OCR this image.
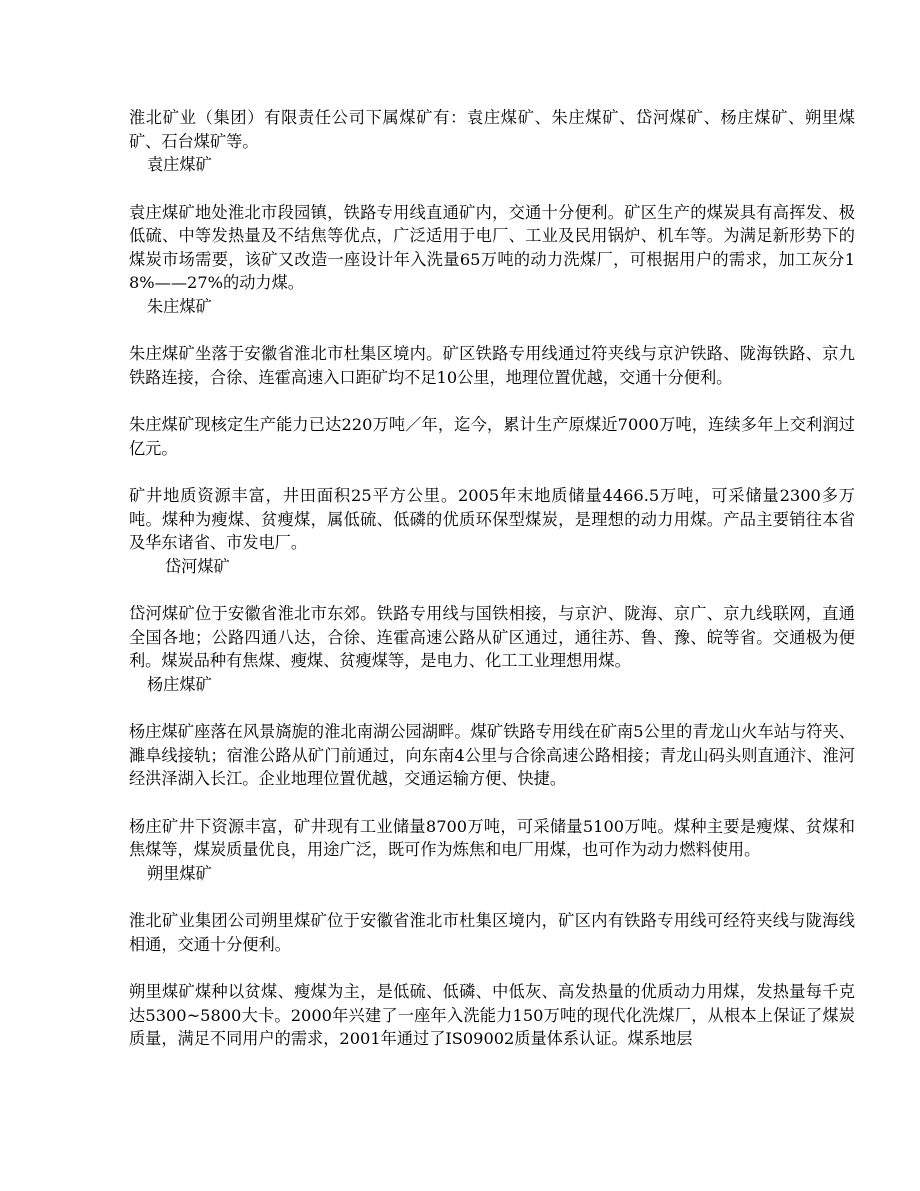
淮北矿业（集团）有限责任公司下属煤矿有：袁庄煤矿、朱庄煤矿、岱河煤矿、杨庄煤矿、朔里煤矿、石台煤矿等。

袁庄煤矿

袁庄煤矿地处淮北市段园镇，铁路专用线直通矿内，交通十分便利。矿区生产的煤炭具有高挥发、极低硫、中等发热量及不结焦等优点，广泛适用于电厂、工业及民用锅炉、机车等。为满足新形势下的煤炭市场需要，该矿又改造一座设计年入洗量65万吨的动力洗煤厂，可根据用户的需求，加工灰分18%——27%的动力煤。

朱庄煤矿

朱庄煤矿坐落于安徽省淮北市杜集区境内。矿区铁路专用线通过符夹线与京沪铁路、陇海铁路、京九铁路连接，合徐、连霍高速入口距矿均不足10公里，地理位置优越，交通十分便利。

朱庄煤矿现核定生产能力已达220万吨／年，迄今，累计生产原煤近7000万吨，连续多年上交利润过亿元。

矿井地质资源丰富，井田面积25平方公里。2005年末地质储量4466.5万吨，可采储量2300多万吨。煤种为瘦煤、贫瘦煤，属低硫、低磷的优质环保型煤炭，是理想的动力用煤。产品主要销往本省及华东诸省、市发电厂。

岱河煤矿

岱河煤矿位于安徽省淮北市东郊。铁路专用线与国铁相接，与京沪、陇海、京广、京九线联网，直通全国各地；公路四通八达，合徐、连霍高速公路从矿区通过，通往苏、鲁、豫、皖等省。交通极为便利。煤炭品种有焦煤、瘦煤、贫瘦煤等，是电力、化工工业理想用煤。

杨庄煤矿

杨庄煤矿座落在风景旖旎的淮北南湖公园湖畔。煤矿铁路专用线在矿南5公里的青龙山火车站与符夹、濉阜线接轨；宿淮公路从矿门前通过，向东南4公里与合徐高速公路相接；青龙山码头则直通汴、淮河经洪泽湖入长江。企业地理位置优越，交通运输方便、快捷。

杨庄矿井下资源丰富，矿井现有工业储量8700万吨，可采储量5100万吨。煤种主要是瘦煤、贫煤和焦煤等，煤炭质量优良，用途广泛，既可作为炼焦和电厂用煤，也可作为动力燃料使用。

朔里煤矿

淮北矿业集团公司朔里煤矿位于安徽省淮北市杜集区境内，矿区内有铁路专用线可经符夹线与陇海线相通，交通十分便利。

朔里煤矿煤种以贫煤、瘦煤为主，是低硫、低磷、中低灰、高发热量的优质动力用煤，发热量每千克达5300~5800大卡。2000年兴建了一座年入洗能力150万吨的现代化洗煤厂，从根本上保证了煤炭质量，满足不同用户的需求，2001年通过了IS09002质量体系认证。煤系地层
